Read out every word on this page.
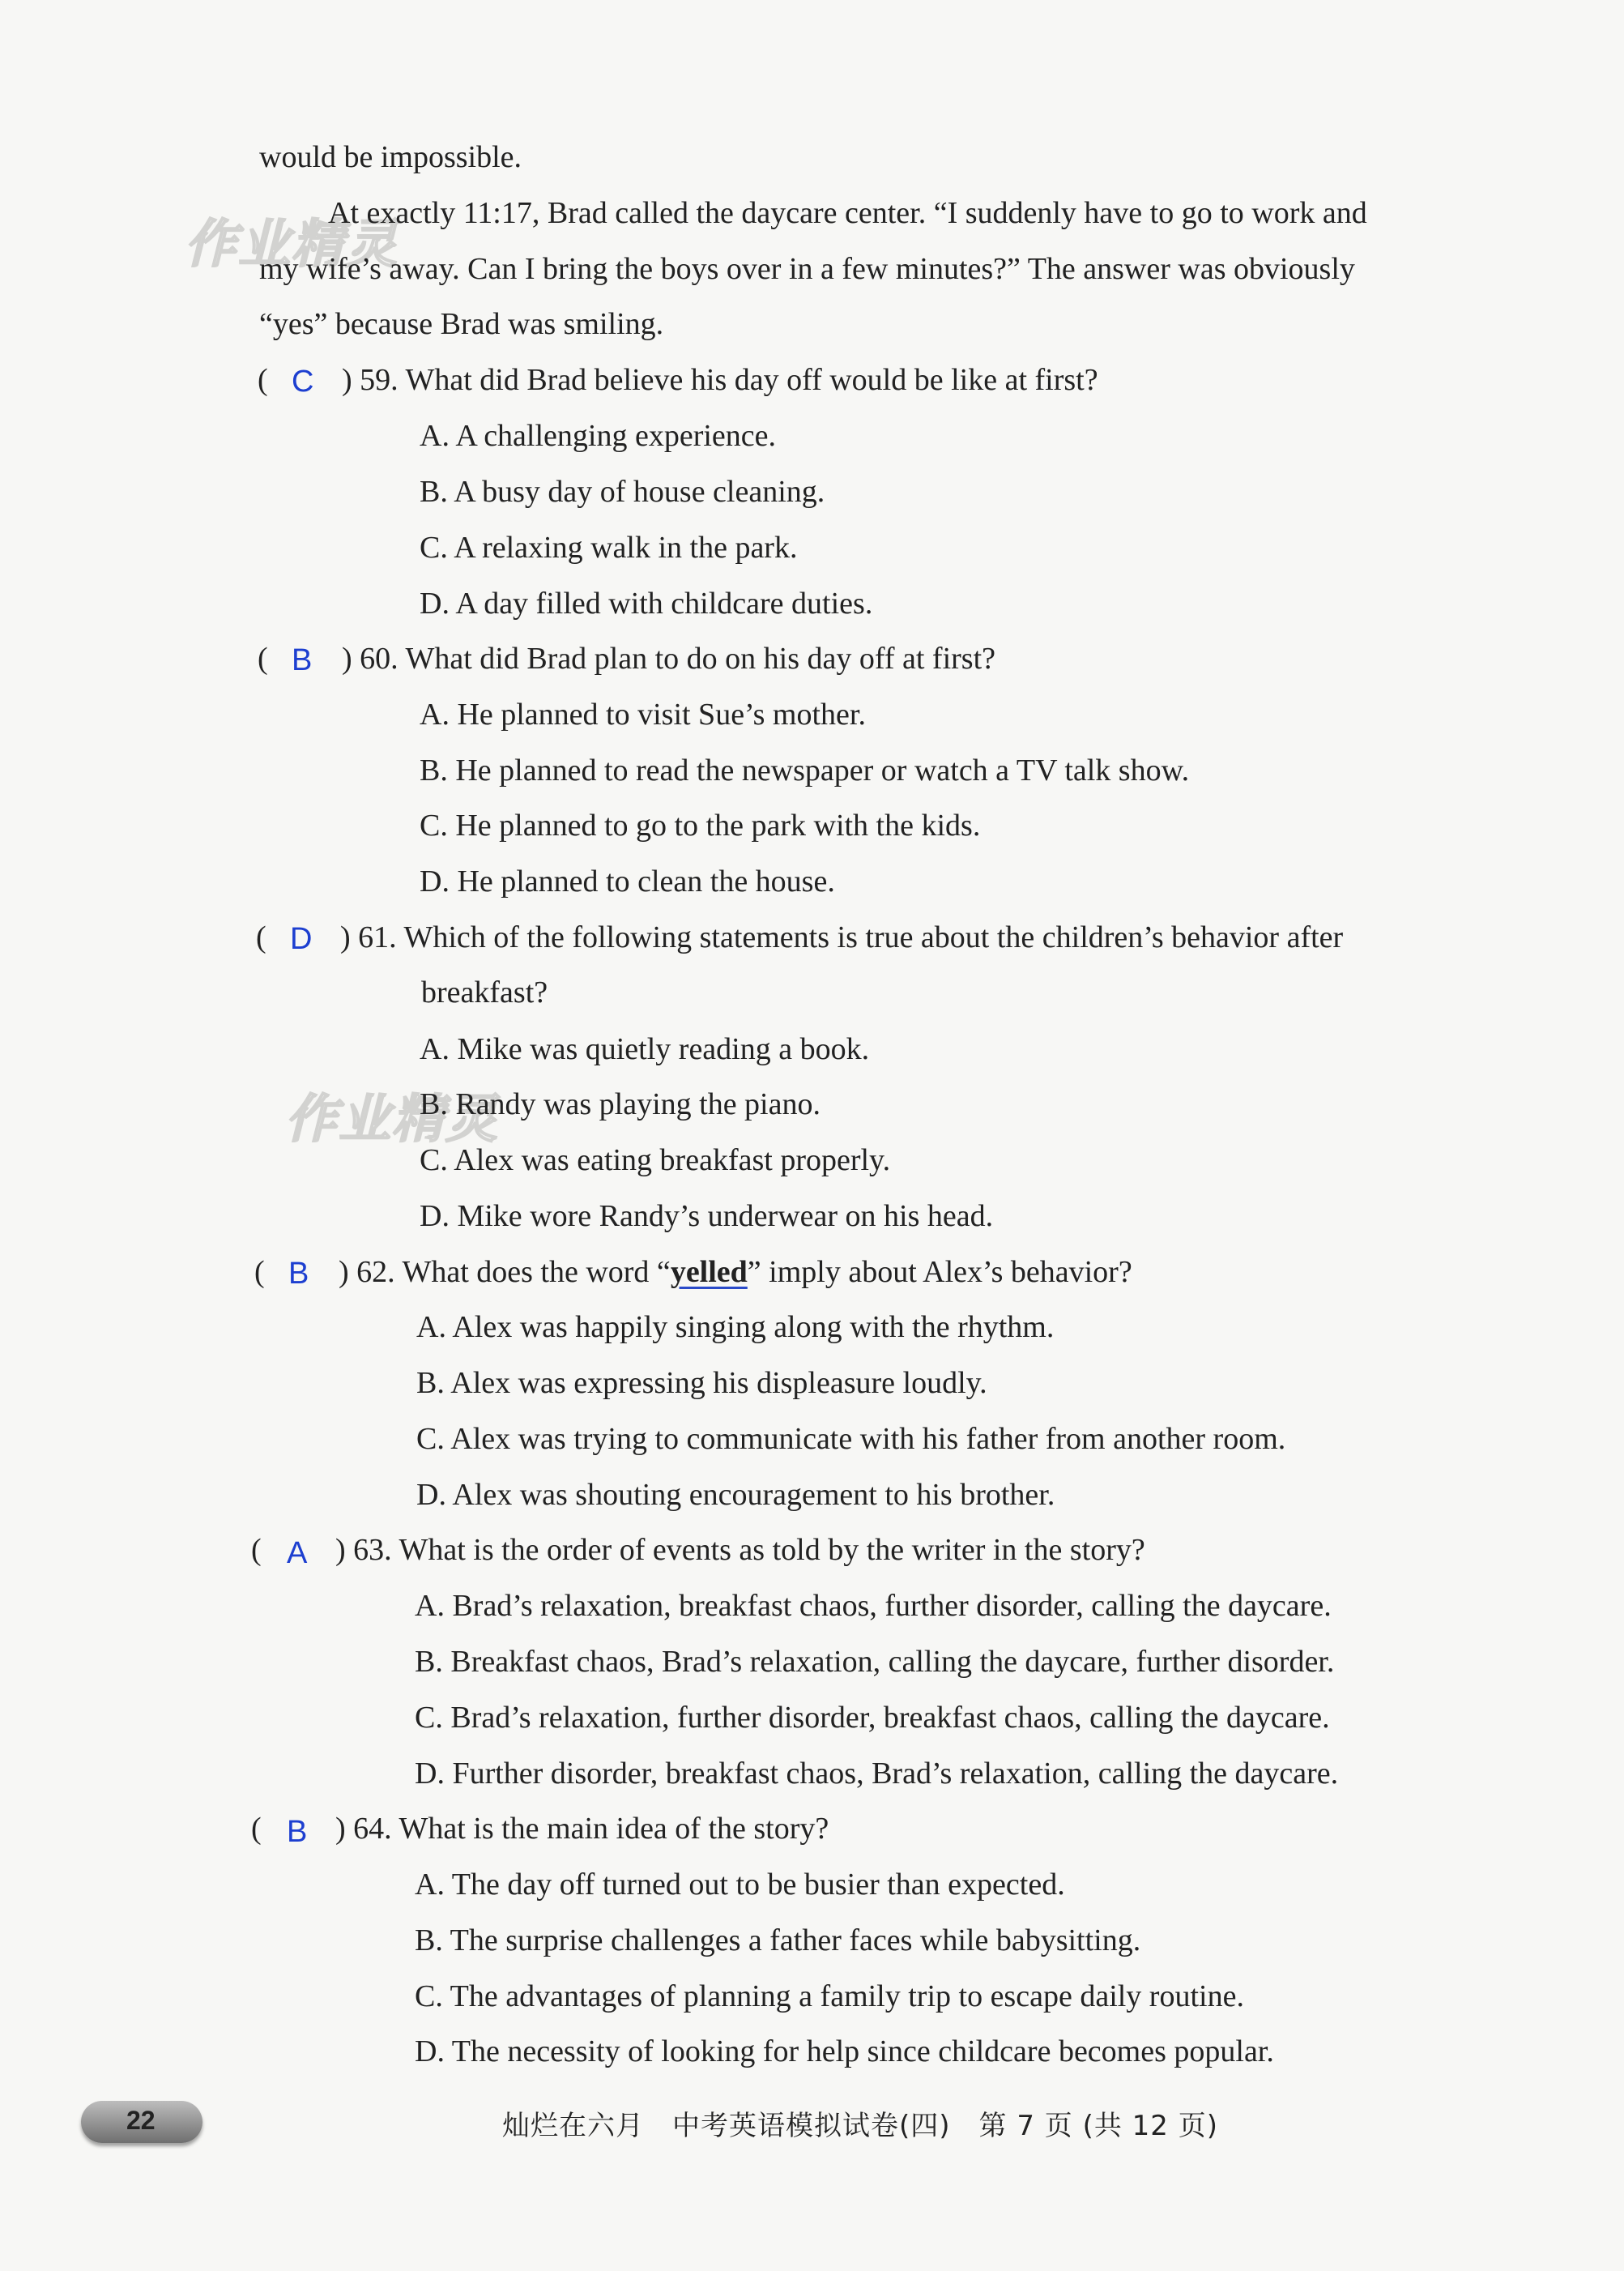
作业精灵
作业精灵
would be impossible.
At exactly 11:17, Brad called the daycare center. “I suddenly have to go to work and
my wife’s away. Can I bring the boys over in a few minutes?” The answer was obviously
“yes” because Brad was smiling.
( C ) 59. What did Brad believe his day off would be like at first?
A. A challenging experience.
B. A busy day of house cleaning.
C. A relaxing walk in the park.
D. A day filled with childcare duties.
( B ) 60. What did Brad plan to do on his day off at first?
A. He planned to visit Sue’s mother.
B. He planned to read the newspaper or watch a TV talk show.
C. He planned to go to the park with the kids.
D. He planned to clean the house.
( D ) 61. Which of the following statements is true about the children’s behavior after
breakfast?
A. Mike was quietly reading a book.
B. Randy was playing the piano.
C. Alex was eating breakfast properly.
D. Mike wore Randy’s underwear on his head.
( B ) 62. What does the word “yelled” imply about Alex’s behavior?
A. Alex was happily singing along with the rhythm.
B. Alex was expressing his displeasure loudly.
C. Alex was trying to communicate with his father from another room.
D. Alex was shouting encouragement to his brother.
( A ) 63. What is the order of events as told by the writer in the story?
A. Brad’s relaxation, breakfast chaos, further disorder, calling the daycare.
B. Breakfast chaos, Brad’s relaxation, calling the daycare, further disorder.
C. Brad’s relaxation, further disorder, breakfast chaos, calling the daycare.
D. Further disorder, breakfast chaos, Brad’s relaxation, calling the daycare.
( B ) 64. What is the main idea of the story?
A. The day off turned out to be busier than expected.
B. The surprise challenges a father faces while babysitting.
C. The advantages of planning a family trip to escape daily routine.
D. The necessity of looking for help since childcare becomes popular.
22	灿烂在六月　中考英语模拟试卷(四)　第 7 页 (共 12 页)
